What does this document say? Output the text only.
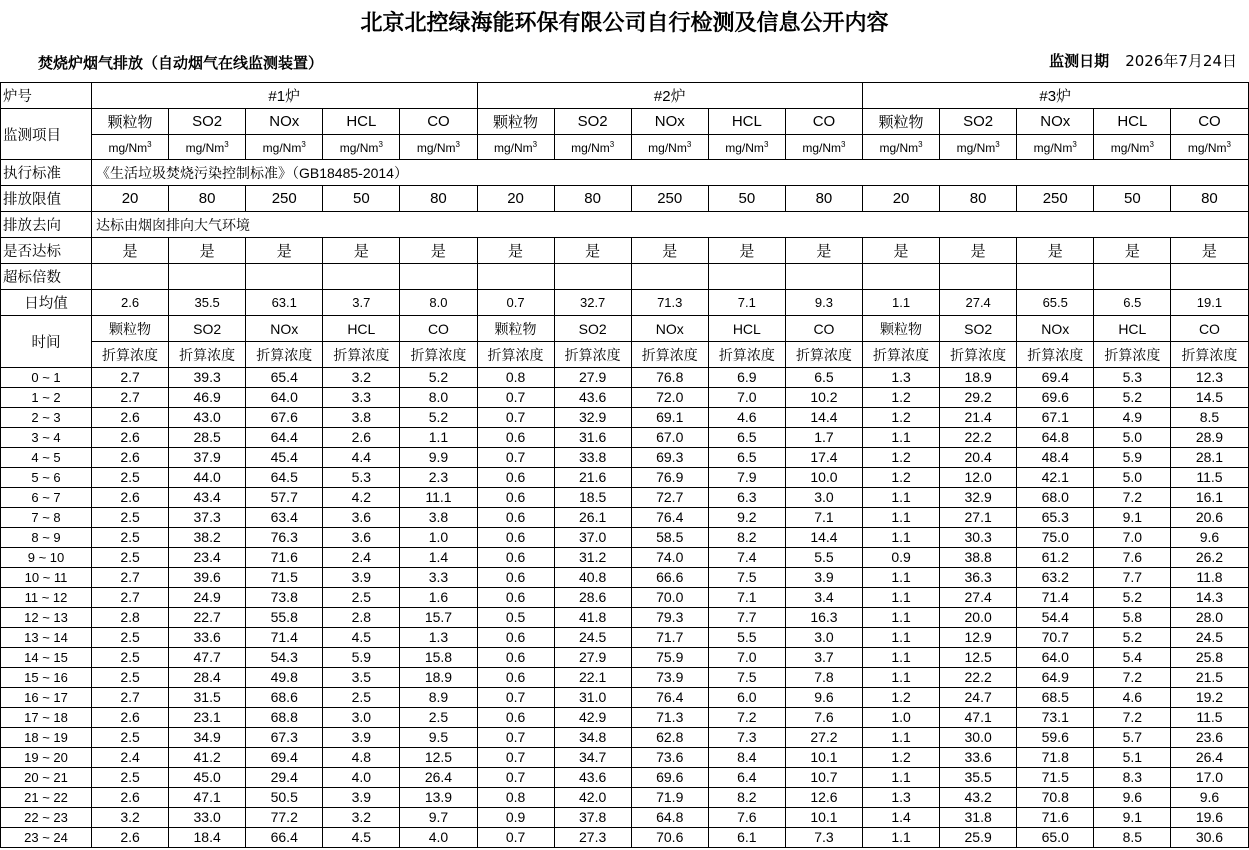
北京北控绿海能环保有限公司自行检测及信息公开内容
焚烧炉烟气排放（自动烟气在线监测装置）	监测日期 2026年7月24日
炉号	#1炉					#2炉					#3炉				
监测项目	颗粒物	SO2	NOx	HCL	CO	颗粒物	SO2	NOx	HCL	CO	颗粒物	SO2	NOx	HCL	CO
	mg/Nm$^3$	mg/Nm$^3$	mg/Nm$^3$	mg/Nm$^3$	mg/Nm$^3$	mg/Nm$^3$	mg/Nm$^3$	mg/Nm$^3$	mg/Nm$^3$	mg/Nm$^3$	mg/Nm$^3$	mg/Nm$^3$	mg/Nm$^3$	mg/Nm$^3$	mg/Nm$^3$
执行标准	《生活垃圾焚烧污染控制标准》（GB18485-2014）														
排放限值	20	80	250	50	80	20	80	250	50	80	20	80	250	50	80
排放去向	达标由烟囱排向大气环境														
是否达标	是	是	是	是	是	是	是	是	是	是	是	是	是	是	是
超标倍数															
日均值	2.6	35.5	63.1	3.7	8.0	0.7	32.7	71.3	7.1	9.3	1.1	27.4	65.5	6.5	19.1
时间	颗粒物	SO2	NOx	HCL	CO	颗粒物	SO2	NOx	HCL	CO	颗粒物	SO2	NOx	HCL	CO
	折算浓度	折算浓度	折算浓度	折算浓度	折算浓度	折算浓度	折算浓度	折算浓度	折算浓度	折算浓度	折算浓度	折算浓度	折算浓度	折算浓度	折算浓度
0 ~ 1	2.7	39.3	65.4	3.2	5.2	0.8	27.9	76.8	6.9	6.5	1.3	18.9	69.4	5.3	12.3
1 ~ 2	2.7	46.9	64.0	3.3	8.0	0.7	43.6	72.0	7.0	10.2	1.2	29.2	69.6	5.2	14.5
2 ~ 3	2.6	43.0	67.6	3.8	5.2	0.7	32.9	69.1	4.6	14.4	1.2	21.4	67.1	4.9	8.5
3 ~ 4	2.6	28.5	64.4	2.6	1.1	0.6	31.6	67.0	6.5	1.7	1.1	22.2	64.8	5.0	28.9
4 ~ 5	2.6	37.9	45.4	4.4	9.9	0.7	33.8	69.3	6.5	17.4	1.2	20.4	48.4	5.9	28.1
5 ~ 6	2.5	44.0	64.5	5.3	2.3	0.6	21.6	76.9	7.9	10.0	1.2	12.0	42.1	5.0	11.5
6 ~ 7	2.6	43.4	57.7	4.2	11.1	0.6	18.5	72.7	6.3	3.0	1.1	32.9	68.0	7.2	16.1
7 ~ 8	2.5	37.3	63.4	3.6	3.8	0.6	26.1	76.4	9.2	7.1	1.1	27.1	65.3	9.1	20.6
8 ~ 9	2.5	38.2	76.3	3.6	1.0	0.6	37.0	58.5	8.2	14.4	1.1	30.3	75.0	7.0	9.6
9 ~ 10	2.5	23.4	71.6	2.4	1.4	0.6	31.2	74.0	7.4	5.5	0.9	38.8	61.2	7.6	26.2
10 ~ 11	2.7	39.6	71.5	3.9	3.3	0.6	40.8	66.6	7.5	3.9	1.1	36.3	63.2	7.7	11.8
11 ~ 12	2.7	24.9	73.8	2.5	1.6	0.6	28.6	70.0	7.1	3.4	1.1	27.4	71.4	5.2	14.3
12 ~ 13	2.8	22.7	55.8	2.8	15.7	0.5	41.8	79.3	7.7	16.3	1.1	20.0	54.4	5.8	28.0
13 ~ 14	2.5	33.6	71.4	4.5	1.3	0.6	24.5	71.7	5.5	3.0	1.1	12.9	70.7	5.2	24.5
14 ~ 15	2.5	47.7	54.3	5.9	15.8	0.6	27.9	75.9	7.0	3.7	1.1	12.5	64.0	5.4	25.8
15 ~ 16	2.5	28.4	49.8	3.5	18.9	0.6	22.1	73.9	7.5	7.8	1.1	22.2	64.9	7.2	21.5
16 ~ 17	2.7	31.5	68.6	2.5	8.9	0.7	31.0	76.4	6.0	9.6	1.2	24.7	68.5	4.6	19.2
17 ~ 18	2.6	23.1	68.8	3.0	2.5	0.6	42.9	71.3	7.2	7.6	1.0	47.1	73.1	7.2	11.5
18 ~ 19	2.5	34.9	67.3	3.9	9.5	0.7	34.8	62.8	7.3	27.2	1.1	30.0	59.6	5.7	23.6
19 ~ 20	2.4	41.2	69.4	4.8	12.5	0.7	34.7	73.6	8.4	10.1	1.2	33.6	71.8	5.1	26.4
20 ~ 21	2.5	45.0	29.4	4.0	26.4	0.7	43.6	69.6	6.4	10.7	1.1	35.5	71.5	8.3	17.0
21 ~ 22	2.6	47.1	50.5	3.9	13.9	0.8	42.0	71.9	8.2	12.6	1.3	43.2	70.8	9.6	9.6
22 ~ 23	3.2	33.0	77.2	3.2	9.7	0.9	37.8	64.8	7.6	10.1	1.4	31.8	71.6	9.1	19.6
23 ~ 24	2.6	18.4	66.4	4.5	4.0	0.7	27.3	70.6	6.1	7.3	1.1	25.9	65.0	8.5	30.6
